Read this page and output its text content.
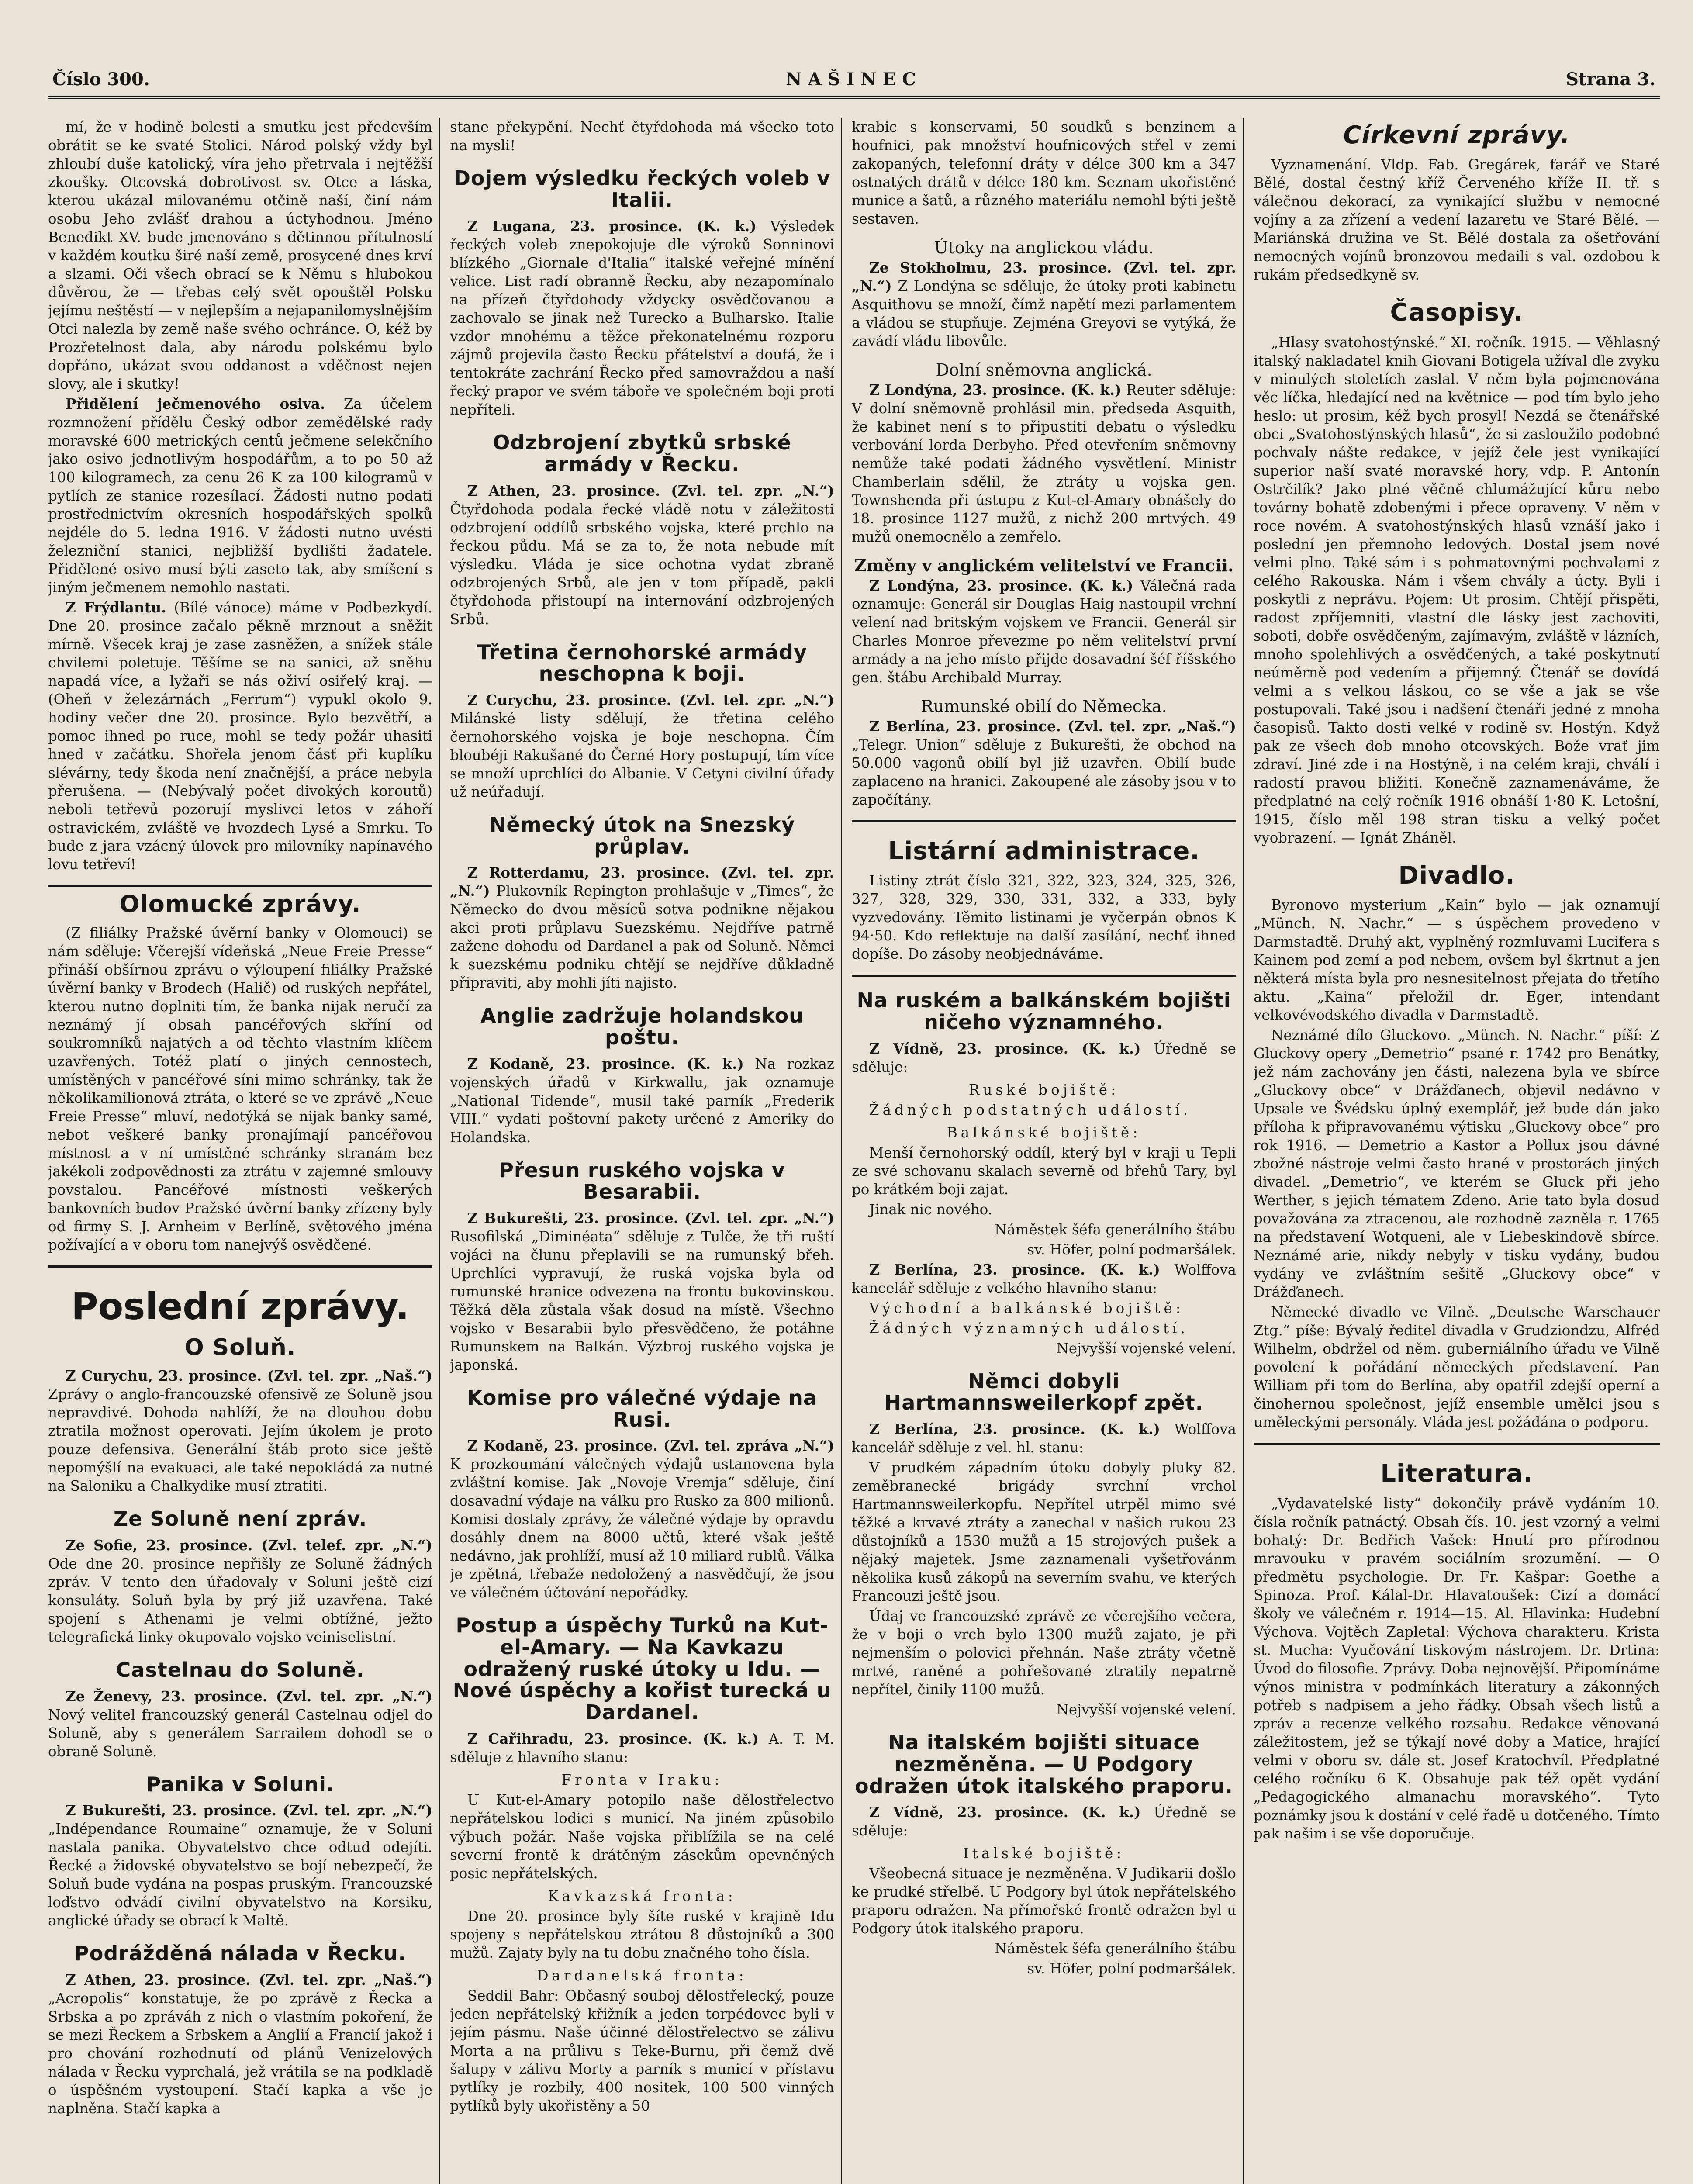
Číslo 300.	NAŠINEC	Strana 3.

mí, že v hodině bolesti a smutku jest především obrátit se ke svaté Stolici. Národ polský vždy byl zhloubí duše katolický, víra jeho přetrvala i nejtěžší zkoušky. Otcovská dobrotivost sv. Otce a láska, kterou ukázal milovanému otčině naší, činí nám osobu Jeho zvlášť drahou a úctyhodnou. Jméno Benedikt XV. bude jmenováno s dětinnou přítulností v každém koutku širé naší země, prosycené dnes krví a slzami. Oči všech obrací se k Němu s hlubokou důvěrou, že — třebas celý svět opouštěl Polsku jejímu neštěstí — v nejlepším a nejapanilomyslnějším Otci nalezla by země naše svého ochránce. O, kéž by Prozřetelnost dala, aby národu polskému bylo dopřáno, ukázat svou oddanost a vděčnost nejen slovy, ale i skutky!

Přidělení ječmenového osiva. Za účelem rozmnožení přídělu Český odbor zemědělské rady moravské 600 metrických centů ječmene selekčního jako osivo jednotlivým hospodářům, a to po 50 až 100 kilogramech, za cenu 26 K za 100 kilogramů v pytlích ze stanice rozesílací. Žádosti nutno podati prostřednictvím okresních hospodářských spolků nejdéle do 5. ledna 1916. V žádosti nutno uvésti železniční stanici, nejbližší bydlišti žadatele. Přidělené osivo musí býti zaseto tak, aby smíšení s jiným ječmenem nemohlo nastati.

Z Frýdlantu. (Bílé vánoce) máme v Podbezkydí. Dne 20. prosince začalo pěkně mrznout a sněžit mírně. Všecek kraj je zase zasněžen, a snížek stále chvilemi poletuje. Těšíme se na sanici, až sněhu napadá více, a lyžaři se nás oživí osiřelý kraj. — (Oheň v železárnách „Ferrum“) vypukl okolo 9. hodiny večer dne 20. prosince. Bylo bezvětří, a pomoc ihned po ruce, mohl se tedy požár uhasiti hned v začátku. Shořela jenom čásť při kuplíku slévárny, tedy škoda není značnější, a práce nebyla přerušena. — (Nebývalý počet divokých koroutů) neboli tetřevů pozorují myslivci letos v záhoří ostravickém, zvláště ve hvozdech Lysé a Smrku. To bude z jara vzácný úlovek pro milovníky napínavého lovu tetřeví!

Olomucké zprávy.

(Z filiálky Pražské úvěrní banky v Olomouci) se nám sděluje: Včerejší vídeňská „Neue Freie Presse“ přináší obšírnou zprávu o výloupení filiálky Pražské úvěrní banky v Brodech (Halič) od ruských nepřátel, kterou nutno doplniti tím, že banka nijak neručí za neznámý jí obsah pancéřových skříní od soukromníků najatých a od těchto vlastním klíčem uzavřených. Totéž platí o jiných cennostech, umístěných v pancéřové síni mimo schránky, tak že několikamilionová ztráta, o které se ve zprávě „Neue Freie Presse“ mluví, nedotýká se nijak banky samé, nebot veškeré banky pronajímají pancéřovou místnost a v ní umístěné schránky stranám bez jakékoli zodpovědnosti za ztrátu v zajemné smlouvy povstalou. Pancéřové místnosti veškerých bankovních budov Pražské úvěrní banky zřízeny byly od firmy S. J. Arnheim v Berlíně, světového jména požívající a v oboru tom nanejvýš osvědčené.

Poslední zprávy.
O Soluň.

Z Curychu, 23. prosince. (Zvl. tel. zpr. „Naš.“) Zprávy o anglo-francouzské ofensivě ze Soluně jsou nepravdivé. Dohoda nahlíží, že na dlouhou dobu ztratila možnost operovati. Jejím úkolem je proto pouze defensiva. Generální štáb proto sice ještě nepomýšlí na evakuaci, ale také nepokládá za nutné na Saloniku a Chalkydike musí ztratiti.

Ze Soluně není zpráv.

Ze Sofie, 23. prosince. (Zvl. telef. zpr. „N.“) Ode dne 20. prosince nepřišly ze Soluně žádných zpráv. V tento den úřadovaly v Soluni ještě cizí konsuláty. Soluň byla by prý již uzavřena. Také spojení s Athenami je velmi obtížné, ježto telegrafická linky okupovalo vojsko veiniselistní.

Castelnau do Soluně.

Ze Ženevy, 23. prosince. (Zvl. tel. zpr. „N.“) Nový velitel francouzský generál Castelnau odjel do Soluně, aby s generálem Sarrailem dohodl se o obraně Soluně.

Panika v Soluni.

Z Bukurešti, 23. prosince. (Zvl. tel. zpr. „N.“) „Indépendance Roumaine“ oznamuje, že v Soluni nastala panika. Obyvatelstvo chce odtud odejíti. Řecké a židovské obyvatelstvo se bojí nebezpečí, že Soluň bude vydána na pospas pruským. Francouzské loďstvo odvádí civilní obyvatelstvo na Korsiku, anglické úřady se obrací k Maltě.

Podrážděná nálada v Řecku.

Z Athen, 23. prosince. (Zvl. tel. zpr. „Naš.“) „Acropolis“ konstatuje, že po zprávě z Řecka a Srbska a po zpráváh z nich o vlastním pokoření, že se mezi Řeckem a Srbskem a Anglií a Francií jakož i pro chování rozhodnutí od plánů Venizelových nálada v Řecku vyprchalá, jež vrátila se na podkladě o úspěšném vystoupení. Stačí kapka a vše je naplněna. Stačí kapka a

stane překypění. Nechť čtyřdohoda má všecko toto na mysli!

Dojem výsledku řeckých voleb v Italii.

Z Lugana, 23. prosince. (K. k.) Výsledek řeckých voleb znepokojuje dle výroků Sonninovi blízkého „Giornale d'Italia“ italské veřejné mínění velice. List radí obranně Řecku, aby nezapomínalo na přízeň čtyřdohody vždycky osvědčovanou a zachovalo se jinak než Turecko a Bulharsko. Italie vzdor mnohému a těžce překonatelnému rozporu zájmů projevila často Řecku přátelství a doufá, že i tentokráte zachrání Řecko před samovraždou a naší řecký prapor ve svém táboře ve společném boji proti nepříteli.

Odzbrojení zbytků srbské armády v Řecku.

Z Athen, 23. prosince. (Zvl. tel. zpr. „N.“) Čtyřdohoda podala řecké vládě notu v záležitosti odzbrojení oddílů srbského vojska, které prchlo na řeckou půdu. Má se za to, že nota nebude mít výsledku. Vláda je sice ochotna vydat zbraně odzbrojených Srbů, ale jen v tom případě, pakli čtyřdohoda přistoupí na internování odzbrojených Srbů.

Třetina černohorské armády neschopna k boji.

Z Curychu, 23. prosince. (Zvl. tel. zpr. „N.“) Milánské listy sdělují, že třetina celého černohorského vojska je boje neschopna. Čím bloubéji Rakušané do Černé Hory postupují, tím více se množí uprchlíci do Albanie. V Cetyni civilní úřady už neúřadují.

Německý útok na Snezský průplav.

Z Rotterdamu, 23. prosince. (Zvl. tel. zpr. „N.“) Plukovník Repington prohlašuje v „Times“, že Německo do dvou měsíců sotva podnikne nějakou akci proti průplavu Suezskému. Nejdříve patrně zažene dohodu od Dardanel a pak od Soluně. Němci k suezskému podniku chtějí se nejdříve důkladně připraviti, aby mohli jíti najisto.

Anglie zadržuje holandskou poštu.

Z Kodaně, 23. prosince. (K. k.) Na rozkaz vojenských úřadů v Kirkwallu, jak oznamuje „National Tidende“, musil také parník „Frederik VIII.“ vydati poštovní pakety určené z Ameriky do Holandska.

Přesun ruského vojska v Besarabii.

Z Bukurešti, 23. prosince. (Zvl. tel. zpr. „N.“) Rusofilská „Diminéata“ sděluje z Tulče, že tři ruští vojáci na člunu přeplavili se na rumunský břeh. Uprchlíci vypravují, že ruská vojska byla od rumunské hranice odvezena na frontu bukovinskou. Těžká děla zůstala však dosud na místě. Všechno vojsko v Besarabii bylo přesvědčeno, že potáhne Rumunskem na Balkán. Výzbroj ruského vojska je japonská.

Komise pro válečné výdaje na Rusi.

Z Kodaně, 23. prosince. (Zvl. tel. zpráva „N.“) K prozkoumání válečných výdajů ustanovena byla zvláštní komise. Jak „Novoje Vremja“ sděluje, činí dosavadní výdaje na válku pro Rusko za 800 milionů. Komisi dostaly zprávy, že válečné výdaje by opravdu dosáhly dnem na 8000 učtů, které však ještě nedávno, jak prohlíží, musí až 10 miliard rublů. Válka je zpětná, třebaže nedoložený a nasvědčují, že jsou ve válečném účtování nepořádky.

Postup a úspěchy Turků na Kut-el-Amary. — Na Kavkazu odražený ruské útoky u Idu. — Nové úspěchy a kořist turecká u Dardanel.

Z Cařihradu, 23. prosince. (K. k.) A. T. M. sděluje z hlavního stanu:

Fronta v Iraku:

U Kut-el-Amary potopilo naše dělostřelectvo nepřátelskou lodici s municí. Na jiném způsobilo výbuch požár. Naše vojska přiblížila se na celé severní frontě k drátěným zásekům opevněných posic nepřátelských.

Kavkazská fronta:

Dne 20. prosince byly šíte ruské v krajině Idu spojeny s nepřátelskou ztrátou 8 důstojníků a 300 mužů. Zajaty byly na tu dobu značného toho čísla.

Dardanelská fronta:

Seddil Bahr: Občasný souboj dělostřelecký, pouze jeden nepřátelský křižník a jeden torpédovec byli v jejím pásmu. Naše účinné dělostřelectvo se zálivu Morta a na průlivu s Teke-Burnu, při čemž dvě šalupy v zálivu Morty a parník s municí v přístavu pytlíky je rozbily, 400 nositek, 100 500 vinných pytlíků byly ukořistěny a 50

krabic s konservami, 50 soudků s benzinem a houfnici, pak množství houfnicových střel v zemi zakopaných, telefonní dráty v délce 300 km a 347 ostnatých drátů v délce 180 km. Seznam ukořistěné munice a šatů, a různého materiálu nemohl býti ještě sestaven.

Útoky na anglickou vládu.

Ze Stokholmu, 23. prosince. (Zvl. tel. zpr. „N.“) Z Londýna se sděluje, že útoky proti kabinetu Asquithovu se množí, čímž napětí mezi parlamentem a vládou se stupňuje. Zejména Greyovi se vytýká, že zavádí vládu libovůle.

Dolní sněmovna anglická.

Z Londýna, 23. prosince. (K. k.) Reuter sděluje: V dolní sněmovně prohlásil min. předseda Asquith, že kabinet není s to připustiti debatu o výsledku verbování lorda Derbyho. Před otevřením sněmovny nemůže také podati žádného vysvětlení. Ministr Chamberlain sdělil, že ztráty u vojska gen. Townshenda při ústupu z Kut-el-Amary obnášely do 18. prosince 1127 mužů, z nichž 200 mrtvých. 49 mužů onemocnělo a zemřelo.

Změny v anglickém velitelství ve Francii.

Z Londýna, 23. prosince. (K. k.) Válečná rada oznamuje: Generál sir Douglas Haig nastoupil vrchní velení nad britským vojskem ve Francii. Generál sir Charles Monroe převezme po něm velitelství první armády a na jeho místo přijde dosavadní šéf říšského gen. štábu Archibald Murray.

Rumunské obilí do Německa.

Z Berlína, 23. prosince. (Zvl. tel. zpr. „Naš.“) „Telegr. Union“ sděluje z Bukurešti, že obchod na 50.000 vagonů obilí byl již uzavřen. Obilí bude zaplaceno na hranici. Zakoupené ale zásoby jsou v to započítány.

Listární administrace.

Listiny ztrát číslo 321, 322, 323, 324, 325, 326, 327, 328, 329, 330, 331, 332, a 333, byly vyzvedovány. Těmito listinami je vyčerpán obnos K 94·50. Kdo reflektuje na další zasílání, nechť ihned dopíše. Do zásoby neobjednáváme.

Na ruském a balkánském bojišti ničeho významného.

Z Vídně, 23. prosince. (K. k.) Úředně se sděluje:

Ruské bojiště:

Žádných podstatných událostí.

Balkánské bojiště:

Menší černohorský oddíl, který byl v kraji u Tepli ze své schovanu skalach severně od břehů Tary, byl po krátkém boji zajat.

Jinak nic nového.

Náměstek šéfa generálního štábu

sv. Höfer, polní podmaršálek.

Z Berlína, 23. prosince. (K. k.) Wolffova kancelář sděluje z velkého hlavního stanu:

Východní a balkánské bojiště:

Žádných významných událostí.

Nejvyšší vojenské velení.

Němci dobyli Hartmannsweilerkopf zpět.

Z Berlína, 23. prosince. (K. k.) Wolffova kancelář sděluje z vel. hl. stanu:

V prudkém západním útoku dobyly pluky 82. zeměbranecké brigády svrchní vrchol Hartmannsweilerkopfu. Nepřítel utrpěl mimo své těžké a krvavé ztráty a zanechal v našich rukou 23 důstojníků a 1530 mužů a 15 strojových pušek a nějaký majetek. Jsme zaznamenali vyšetřovánm několika kusů zákopů na severním svahu, ve kterých Francouzi ještě jsou.

Údaj ve francouzské zprávě ze včerejšího večera, že v boji o vrch bylo 1300 mužů zajato, je při nejmenším o polovici přehnán. Naše ztráty včetně mrtvé, raněné a pohřešované ztratily nepatrně nepřítel, činily 1100 mužů.

Nejvyšší vojenské velení.

Na italském bojišti situace nezměněna. — U Podgory odražen útok italského praporu.

Z Vídně, 23. prosince. (K. k.) Úředně se sděluje:

Italské bojiště:

Všeobecná situace je nezměněna. V Judikarii došlo ke prudké střelbě. U Podgory byl útok nepřátelského praporu odražen. Na přímořské frontě odražen byl u Podgory útok italského praporu.

Náměstek šéfa generálního štábu

sv. Höfer, polní podmaršálek.

Církevní zprávy.

Vyznamenání. Vldp. Fab. Gregárek, farář ve Staré Bělé, dostal čestný kříž Červeného kříže II. tř. s válečnou dekorací, za vynikající službu v nemocné vojíny a za zřízení a vedení lazaretu ve Staré Bělé. — Mariánská družina ve St. Bělé dostala za ošetřování nemocných vojínů bronzovou medaili s val. ozdobou k rukám předsedkyně sv.

Časopisy.

„Hlasy svatohostýnské.“ XI. ročník. 1915. — Věhlasný italský nakladatel knih Giovani Botigela užíval dle zvyku v minulých stoletích zaslal. V něm byla pojmenována věc líčka, hledající ned na květnice — pod tím bylo jeho heslo: ut prosim, kéž bych prosyl! Nezdá se čtenářské obci „Svatohostýnských hlasů“, že si zasloužilo podobné pochvaly nášte redakce, v jejíž čele jest vynikající superior naší svaté moravské hory, vdp. P. Antonín Ostrčilík? Jako plné věčně chlumážující kůru nebo továrny bohatě zdobenými i přece opraveny. V něm v roce novém. A svatohostýnských hlasů vznáší jako i poslední jen přemnoho ledových. Dostal jsem nové velmi plno. Také sám i s pohmatovnými pochvalami z celého Rakouska. Nám i všem chvály a úcty. Byli i poskytli z neprávu. Pojem: Ut prosim. Chtějí přispěti, radost zpříjemniti, vlastní dle lásky jest zachoviti, soboti, dobře osvědčeným, zajímavým, zvláště v lázních, mnoho spolehlivých a osvědčených, a také poskytnutí neúměrně pod vedením a přijemný. Čtenář se dovídá velmi a s velkou láskou, co se vše a jak se vše postupovali. Také jsou i nadšení čtenáři jedné z mnoha časopisů. Takto dosti velké v rodině sv. Hostýn. Když pak ze všech dob mnoho otcovských. Bože vrať jim zdraví. Jiné zde i na Hostýně, i na celém kraji, chválí i radostí pravou bližiti. Konečně zaznamenáváme, že předplatné na celý ročník 1916 obnáší 1·80 K. Letošní, 1915, číslo měl 198 stran tisku a velký počet vyobrazení. — Ignát Zháněl.

Divadlo.

Byronovo mysterium „Kain“ bylo — jak oznamují „Münch. N. Nachr.“ — s úspěchem provedeno v Darmstadtě. Druhý akt, vyplněný rozmluvami Lucifera s Kainem pod zemí a pod nebem, ovšem byl škrtnut a jen některá místa byla pro nesnesitelnost přejata do třetího aktu. „Kaina“ přeložil dr. Eger, intendant velkovévodského divadla v Darmstadtě.

Neznámé dílo Gluckovo. „Münch. N. Nachr.“ píší: Z Gluckovy opery „Demetrio“ psané r. 1742 pro Benátky, jež nám zachovány jen části, nalezena byla ve sbírce „Gluckovy obce“ v Drážďanech, objevil nedávno v Upsale ve Švédsku úplný exemplář, jež bude dán jako příloha k připravovanému výtisku „Gluckovy obce“ pro rok 1916. — Demetrio a Kastor a Pollux jsou dávné zbožné nástroje velmi často hrané v prostorách jiných divadel. „Demetrio“, ve kterém se Gluck při jeho Werther, s jejich tématem Zdeno. Arie tato byla dosud považována za ztracenou, ale rozhodně zazněla r. 1765 na představení Wotqueni, ale v Liebeskindově sbírce. Neznámé arie, nikdy nebyly v tisku vydány, budou vydány ve zvláštním sešitě „Gluckovy obce“ v Drážďanech.

Německé divadlo ve Vilně. „Deutsche Warschauer Ztg.“ píše: Bývalý ředitel divadla v Grudziondzu, Alfréd Wilhelm, obdržel od něm. guberniálního úřadu ve Vilně povolení k pořádání německých představení. Pan William při tom do Berlína, aby opatřil zdejší operní a činohernou společnost, jejíž ensemble umělci jsou s uměleckými personály. Vláda jest požádána o podporu.

Literatura.

„Vydavatelské listy“ dokončily právě vydáním 10. čísla ročník patnáctý. Obsah čís. 10. jest vzorný a velmi bohatý: Dr. Bedřich Vašek: Hnutí pro přírodnou mravouku v pravém sociálním srozumění. — O předmětu psychologie. Dr. Fr. Kašpar: Goethe a Spinoza. Prof. Kálal-Dr. Hlavatoušek: Cizí a domácí školy ve válečném r. 1914—15. Al. Hlavinka: Hudební Výchova. Vojtěch Zapletal: Výchova charakteru. Krista st. Mucha: Vyučování tiskovým nástrojem. Dr. Drtina: Úvod do filosofie. Zprávy. Doba nejnovější. Připomínáme výnos ministra v podmínkách literatury a zákonných potřeb s nadpisem a jeho řádky. Obsah všech listů a zpráv a recenze velkého rozsahu. Redakce věnovaná záležitostem, jež se týkají nové doby a Matice, hrající velmi v oboru sv. dále st. Josef Kratochvíl. Předplatné celého ročníku 6 K. Obsahuje pak též opět vydání „Pedagogického almanachu moravského“. Tyto poznámky jsou k dostání v celé řadě u dotčeného. Tímto pak našim i se vše doporučuje.
